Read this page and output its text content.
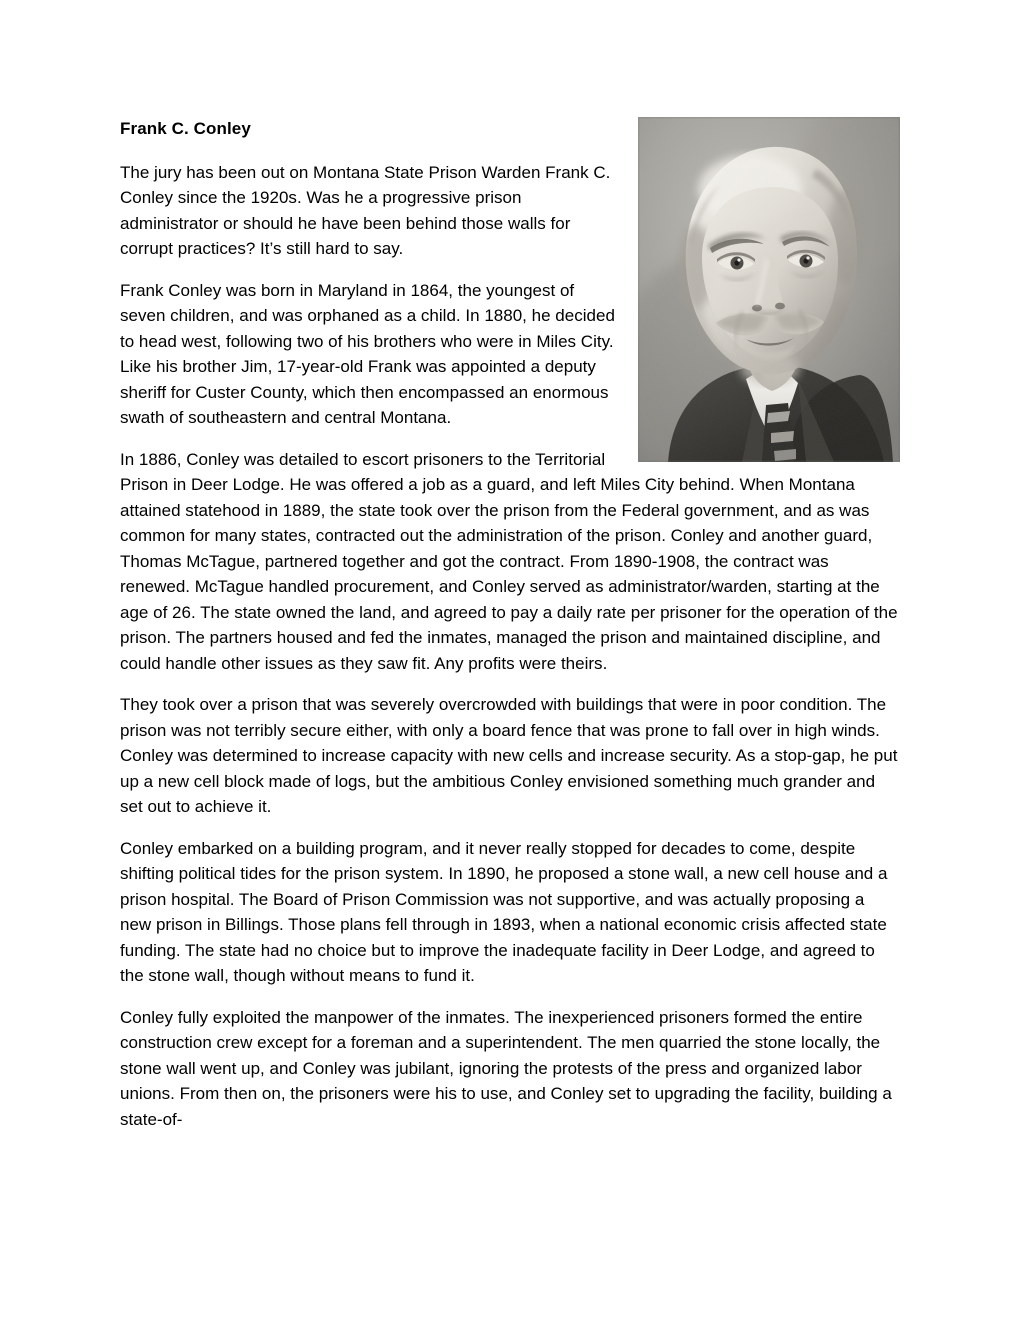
Frank C. Conley

The jury has been out on Montana State Prison Warden Frank C. Conley since the 1920s. Was he a progressive prison administrator or should he have been behind those walls for corrupt practices? It’s still hard to say.

Frank Conley was born in Maryland in 1864, the youngest of seven children, and was orphaned as a child. In 1880, he decided to head west, following two of his brothers who were in Miles City. Like his brother Jim, 17-year-old Frank was appointed a deputy sheriff for Custer County, which then encompassed an enormous swath of southeastern and central Montana.

In 1886, Conley was detailed to escort prisoners to the Territorial Prison in Deer Lodge. He was offered a job as a guard, and left Miles City behind. When Montana attained statehood in 1889, the state took over the prison from the Federal government, and as was common for many states, contracted out the administration of the prison. Conley and another guard, Thomas McTague, partnered together and got the contract. From 1890-1908, the contract was renewed. McTague handled procurement, and Conley served as administrator/warden, starting at the age of 26. The state owned the land, and agreed to pay a daily rate per prisoner for the operation of the prison. The partners housed and fed the inmates, managed the prison and maintained discipline, and could handle other issues as they saw fit. Any profits were theirs.

They took over a prison that was severely overcrowded with buildings that were in poor condition. The prison was not terribly secure either, with only a board fence that was prone to fall over in high winds. Conley was determined to increase capacity with new cells and increase security. As a stop-gap, he put up a new cell block made of logs, but the ambitious Conley envisioned something much grander and set out to achieve it.

Conley embarked on a building program, and it never really stopped for decades to come, despite shifting political tides for the prison system. In 1890, he proposed a stone wall, a new cell house and a prison hospital. The Board of Prison Commission was not supportive, and was actually proposing a new prison in Billings. Those plans fell through in 1893, when a national economic crisis affected state funding. The state had no choice but to improve the inadequate facility in Deer Lodge, and agreed to the stone wall, though without means to fund it.

Conley fully exploited the manpower of the inmates. The inexperienced prisoners formed the entire construction crew except for a foreman and a superintendent. The men quarried the stone locally, the stone wall went up, and Conley was jubilant, ignoring the protests of the press and organized labor unions. From then on, the prisoners were his to use, and Conley set to upgrading the facility, building a state-of-
